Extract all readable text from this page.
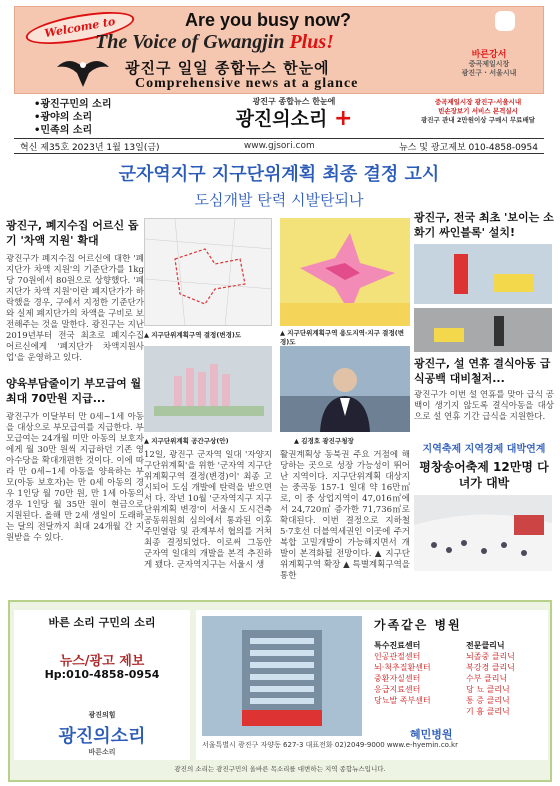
Welcome to	Are you busy now?
The Voice of Gwangjin Plus!
광진구 일일 종합뉴스 한눈에
Comprehensive news at a glance
바른강서
중곡제일시장
광진구 · 서울시내
•광진구민의 소리
•광야의 소리
•민족의 소리
광진구 종합뉴스 한눈에
광진의소리 +
중곡제일시장 광진구·서울시내
빈손장보기 서비스 본격실시
광진구 관내 2만원이상 구매시 무료배달
혁신 제35호 2023년 1월 13일(금)	www.gjsori.com	뉴스 및 광고제보 010-4858-0954
군자역지구 지구단위계획 최종 결정 고시
도심개발 탄력 시발탄되나
광진구, 폐지수집 어르신 돕기 '차액 지원' 확대
광진구가 폐지수집 어르신에 대한 '폐지단가 차액 지원'의 기준단가를 1kg당 70원에서 80원으로 상향했다. '폐지단가 차액 지원'이란 폐지단가가 하락했을 경우, 구에서 지정한 기준단가와 실제 폐지단가의 차액을 구비로 보전해주는 것을 말한다. 광진구는 지난 2019년부터 전국 최초로 폐지수집 어르신에게 '폐지단가 차액지원사업'을 운영하고 있다.
양육부담줄이기 부모급여 월 최대 70만원 지급...
광진구가 이달부터 만 0세~1세 아동을 대상으로 부모급여를 지급한다. 부모급여는 24개월 미만 아동의 보호자에게 월 30만 원씩 지급하던 기존 영아수당을 확대개편한 것이다. 이에 따라 만 0세~1세 아동을 양육하는 부모(아동 보호자)는 만 0세 아동의 경우 1인당 월 70만 원, 만 1세 아동의 경우 1인당 월 35만 원이 현금으로 지원된다. 올해 만 2세 생일이 도래하는 달의 전달까지 최대 24개월 간 지원받을 수 있다.
▲ 지구단위계획구역 결정(변경)도	▲ 지구단위계획구역 용도지역·지구 결정(변경)도
▲ 지구단위계획 공간구상(안)	▲ 김경호 광진구청장
12일, 광진구 군자역 일대 '자양지구단위계획'을 위한 '군자역 지구단위계획구역 결정(변경)이' 최종 고시되어 도심 개발에 탄력을 받으면서 다. 작년 10월 '군자역지구 지구단위계획 변경'이 서울시 도시건축공동위원회 심의에서 통과된 이후 주민열람 및 관계부서 협의를 거쳐 최종 결정되었다. 이로써 그동안 군자역 일대의 개발을 본격 추진하게 됐다. 군자역지구는 서울시 생
활권계획상 동북권 주요 거점에 해당하는 곳으로 성장 가능성이 뛰어난 지역이다. 지구단위계획 대상지는 중곡동 157-1 일대 약 16만㎡로, 이 중 상업지역이 47,016㎡에서 24,720㎡ 증가한 71,736㎡로 확대된다. 이번 결정으로 지하철 5·7호선 더블역세권인 이곳에 주거복합 고밀개발이 가능해지면서 개발이 본격화될 전망이다. ▲ 지구단위계획구역 확장 ▲ 특별계획구역을 통한
광진구, 전국 최초 '보이는 소화기 싸인블록' 설치!
광진구, 설 연휴 결식아동 급식공백 대비철저...
광진구가 이번 설 연휴를 맞아 급식 공백이 생기지 않도록 결식아동을 대상으로 설 연휴 기간 급식을 지원한다.
지역축제 지역경제 대박연계
평창송어축제 12만명 다녀가 대박
바른 소리 구민의 소리
뉴스/광고 제보
Hp:010-4858-0954
광진의힘
광진의소리
바른소리
가족같은 병원
특수진료센터
인공관절센터
뇌·척추질환센터
중환자실센터
응급지료센터
당뇨발 족부센터
전문클리닉
뇌졸중 클리닉
복강경 클리닉
수부 클리닉
당 뇨 클리닉
통 증 클리닉
기 흉 클리닉
혜민병원
서울특별시 광진구 자양동 627-3 대표전화 02)2049-9000 www.e-hyemin.co.kr
광진의 소리는 광진구민의 올바른 목소리를 대변하는 지역 종합뉴스입니다.
